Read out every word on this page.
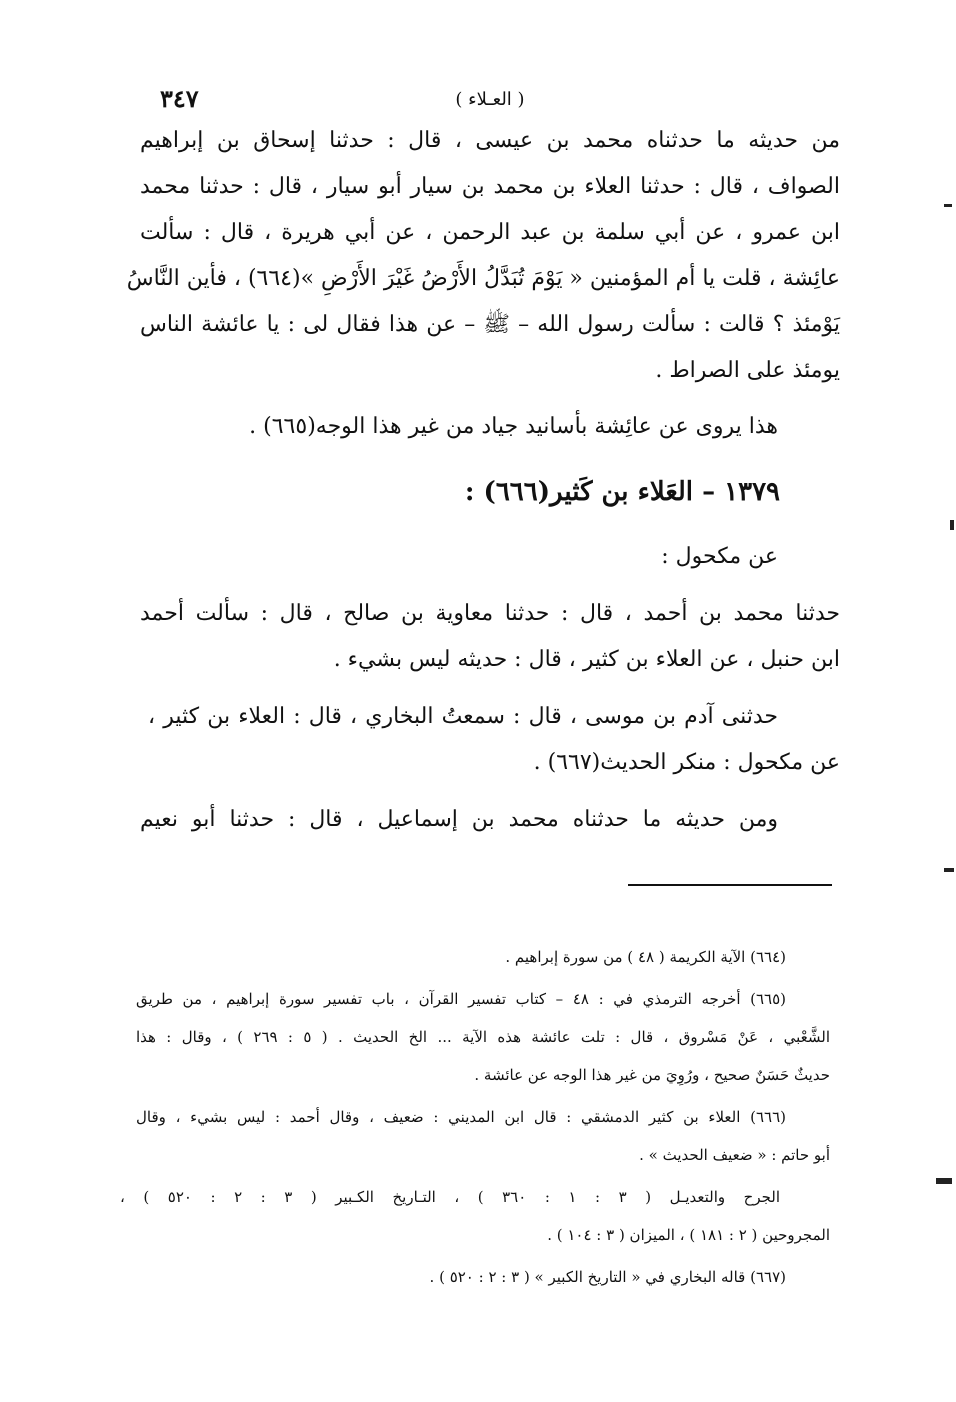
٣٤٧	( العـلاء )
من حديثه ما حدثناه محمد بن عيسى ، قال : حدثنا إسحاق بن إبراهيم
الصواف ، قال : حدثنا العلاء بن محمد بن سيار أبو سيار ، قال : حدثنا محمد
ابن عمرو ، عن أبي سلمة بن عبد الرحمن ، عن أبي هريرة ، قال : سألت
عائِشة ، قلت يا أم المؤمنين « يَوْمَ تُبَدَّلُ الأَرْضُ غَيْرَ الأَرْضِ »(٦٦٤) ، فأين النَّاسُ
يَوْمئذ ؟ قالت : سألت رسول الله – ﷺ – عن هذا فقال لى : يا عائشة الناس
يومئذ على الصراط .
هذا يروى عن عائِشة بأسانيد جياد من غير هذا الوجه(٦٦٥) .
١٣٧٩ – العَلاء بن كَثير(٦٦٦) :
عن مكحول :
حدثنا محمد بن أحمد ، قال : حدثنا معاوية بن صالح ، قال : سألت أحمد
ابن حنبل ، عن العلاء بن كثير ، قال : حديثه ليس بشيء .
حدثنى آدم بن موسى ، قال : سمعتُ البخاري ، قال : العلاء بن كثير ،
عن مكحول : منكر الحديث(٦٦٧) .
ومن حديثه ما حدثناه محمد بن إسماعيل ، قال : حدثنا أبو نعيم
(٦٦٤) الآية الكريمة ( ٤٨ ) من سورة إبراهيم .
(٦٦٥) أخرجه الترمذي في : ٤٨ – كتاب تفسير القرآن ، باب تفسير سورة إبراهيم ، من طريق
الشَّعْبي ، عَنْ مَسْروق ، قال : تلت عائشة هذه الآية ... الخ الحديث . ( ٥ : ٢٦٩ ) ، وقال : هذا
حديثٌ حَسَنٌ صحيح ، ورُوِيَ من غير هذا الوجه عن عائشة .
(٦٦٦) العلاء بن كثير الدمشقي : قال ابن المديني : ضعيف ، وقال أحمد : ليس بشيء ، وقال
أبو حاتم : « ضعيف الحديث » .
الجرح والتعديـل ( ٣ : ١ : ٣٦٠ ) ، التـاريخ الكـبير ( ٣ : ٢ : ٥٢٠ ) ،
المجروحين ( ٢ : ١٨١ ) ، الميزان ( ٣ : ١٠٤ ) .
(٦٦٧) قاله البخاري في « التاريخ الكبير » ( ٣ : ٢ : ٥٢٠ ) .
